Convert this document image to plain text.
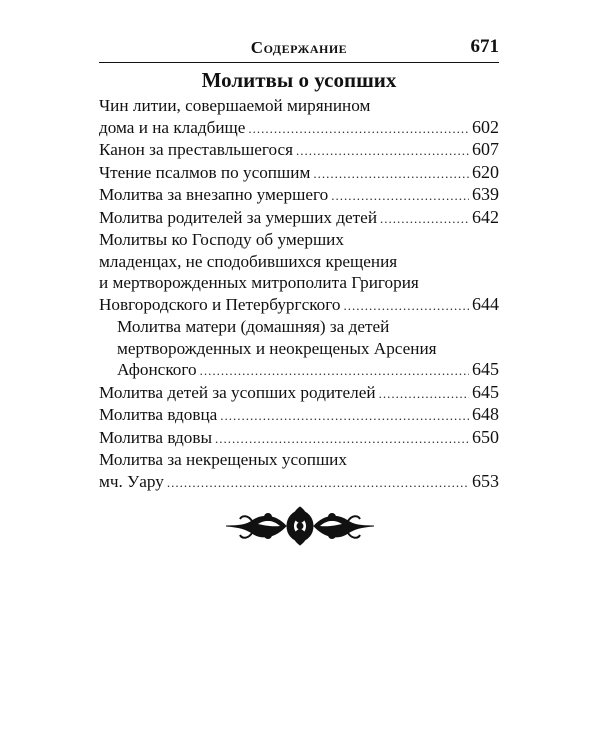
Содержание	671
Молитвы о усопших
Чин литии, совершаемой мирянином
дома и на кладбище .....	602
Канон за преставльшегося .....	607
Чтение псалмов по усопшим .....	620
Молитва за внезапно умершего .....	639
Молитва родителей за умерших детей .....	642
Молитвы ко Господу об умерших
младенцах, не сподобившихся крещения
и мертворожденных митрополита Григория
Новгородского и Петербургского .....	644
Молитва матери (домашняя) за детей
мертворожденных и неокрещеных Арсения
Афонского .....	645
Молитва детей за усопших родителей .....	645
Молитва вдовца .....	648
Молитва вдовы .....	650
Молитва за некрещеных усопших
мч. Уару .....	653
